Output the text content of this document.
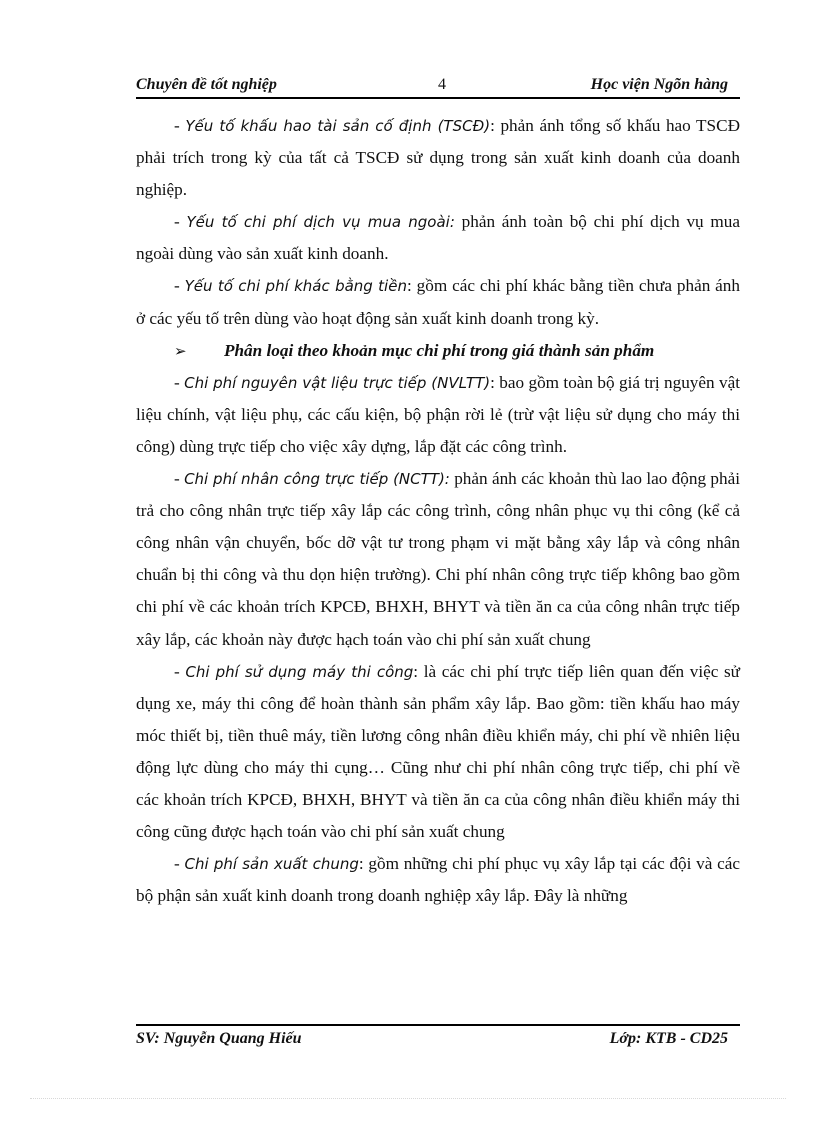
Chuyên đề tốt nghiệp	4	Học viện Ngõn hàng

- Yếu tố khấu hao tài sản cố định (TSCĐ): phản ánh tổng số khấu hao TSCĐ phải trích trong kỳ của tất cả TSCĐ sử dụng trong sản xuất kinh doanh của doanh nghiệp.

- Yếu tố chi phí dịch vụ mua ngoài: phản ánh toàn bộ chi phí dịch vụ mua ngoài dùng vào sản xuất kinh doanh.

- Yếu tố chi phí khác bằng tiền: gồm các chi phí khác bằng tiền chưa phản ánh ở các yếu tố trên dùng vào hoạt động sản xuất kinh doanh trong kỳ.

➢ Phân loại theo khoản mục chi phí trong giá thành sản phẩm

- Chi phí nguyên vật liệu trực tiếp (NVLTT): bao gồm toàn bộ giá trị nguyên vật liệu chính, vật liệu phụ, các cấu kiện, bộ phận rời lẻ (trừ vật liệu sử dụng cho máy thi công) dùng trực tiếp cho việc xây dựng, lắp đặt các công trình.

- Chi phí nhân công trực tiếp (NCTT): phản ánh các khoản thù lao lao động phải trả cho công nhân trực tiếp xây lắp các công trình, công nhân phục vụ thi công (kể cả công nhân vận chuyển, bốc dỡ vật tư trong phạm vi mặt bằng xây lắp và công nhân chuẩn bị thi công và thu dọn hiện trường). Chi phí nhân công trực tiếp không bao gồm chi phí về các khoản trích KPCĐ, BHXH, BHYT và tiền ăn ca của công nhân trực tiếp xây lắp, các khoản này được hạch toán vào chi phí sản xuất chung

- Chi phí sử dụng máy thi công: là các chi phí trực tiếp liên quan đến việc sử dụng xe, máy thi công để hoàn thành sản phẩm xây lắp. Bao gồm: tiền khấu hao máy móc thiết bị, tiền thuê máy, tiền lương công nhân điều khiển máy, chi phí về nhiên liệu động lực dùng cho máy thi cụng… Cũng như chi phí nhân công trực tiếp, chi phí về các khoản trích KPCĐ, BHXH, BHYT và tiền ăn ca của công nhân điều khiển máy thi công cũng được hạch toán vào chi phí sản xuất chung

- Chi phí sản xuất chung: gồm những chi phí phục vụ xây lắp tại các đội và các bộ phận sản xuất kinh doanh trong doanh nghiệp xây lắp. Đây là những

SV: Nguyễn Quang Hiếu	Lớp: KTB - CD25
